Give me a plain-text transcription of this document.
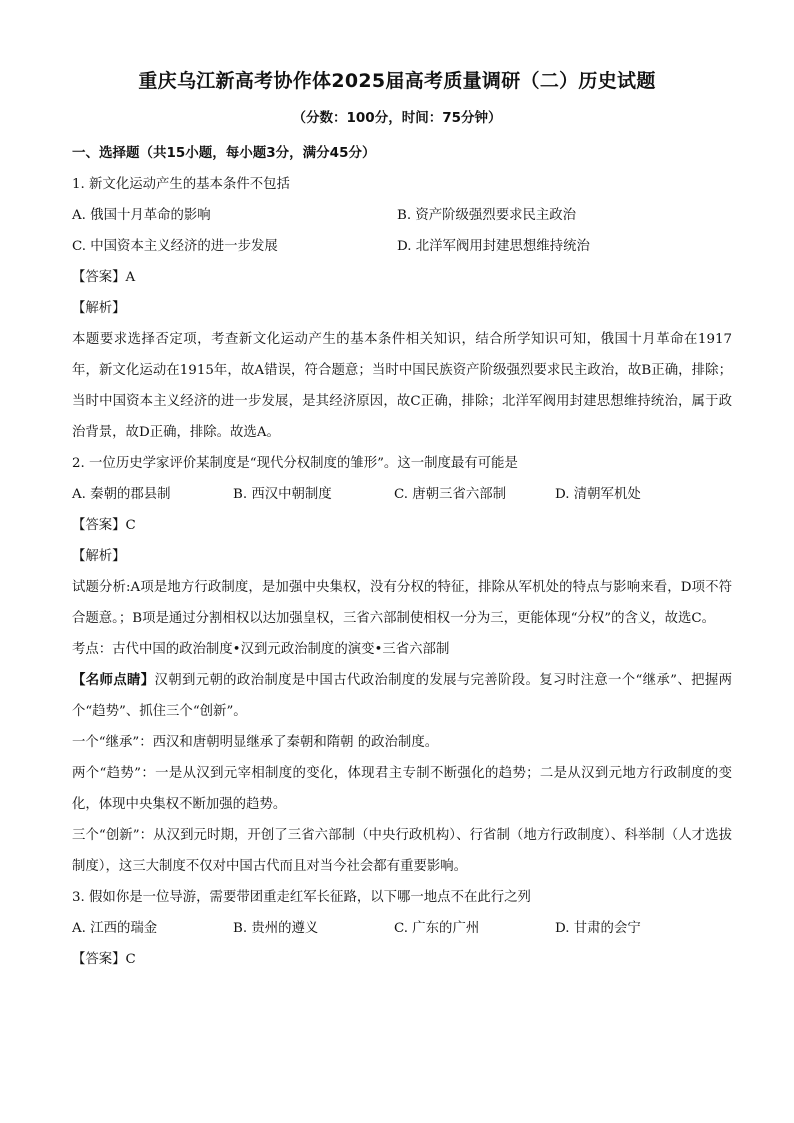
重庆乌江新高考协作体2025届高考质量调研（二）历史试题
（分数：100分，时间：75分钟）
一、选择题（共15小题，每小题3分，满分45分）
1. 新文化运动产生的基本条件不包括
A. 俄国十月革命的影响	B. 资产阶级强烈要求民主政治
C. 中国资本主义经济的进一步发展	D. 北洋军阀用封建思想维持统治
【答案】A
【解析】
本题要求选择否定项，考查新文化运动产生的基本条件相关知识，结合所学知识可知，俄国十月革命在1917年，新文化运动在1915年，故A错误，符合题意；当时中国民族资产阶级强烈要求民主政治，故B正确，排除；当时中国资本主义经济的进一步发展，是其经济原因，故C正确，排除；北洋军阀用封建思想维持统治，属于政治背景，故D正确，排除。故选A。
2. 一位历史学家评价某制度是“现代分权制度的雏形”。这一制度最有可能是
A. 秦朝的郡县制	B. 西汉中朝制度	C. 唐朝三省六部制	D. 清朝军机处
【答案】C
【解析】
试题分析:A项是地方行政制度，是加强中央集权，没有分权的特征，排除从军机处的特点与影响来看，D项不符合题意。；B项是通过分割相权以达加强皇权，三省六部制使相权一分为三，更能体现“分权”的含义，故选C。
考点：古代中国的政治制度•汉到元政治制度的演变•三省六部制
【名师点睛】汉朝到元朝的政治制度是中国古代政治制度的发展与完善阶段。复习时注意一个“继承”、把握两个“趋势”、抓住三个“创新”。
一个“继承”：西汉和唐朝明显继承了秦朝和隋朝 的政治制度。
两个“趋势”：一是从汉到元宰相制度的变化，体现君主专制不断强化的趋势；二是从汉到元地方行政制度的变化，体现中央集权不断加强的趋势。
三个“创新”：从汉到元时期，开创了三省六部制（中央行政机构）、行省制（地方行政制度）、科举制（人才选拔制度），这三大制度不仅对中国古代而且对当今社会都有重要影响。
3. 假如你是一位导游，需要带团重走红军长征路，以下哪一地点不在此行之列
A. 江西的瑞金	B. 贵州的遵义	C. 广东的广州	D. 甘肃的会宁
【答案】C
